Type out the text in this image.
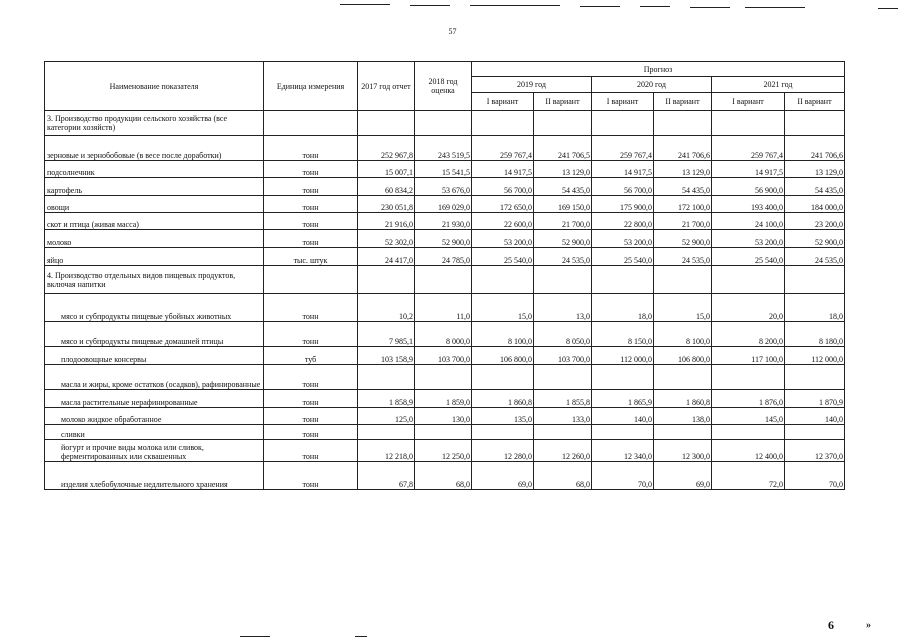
57
Наименование показателя	Единица измерения	2017 год отчет	2018 год оценка	Прогноз					
				2019 год		2020 год		2021 год	
				I вариант	II вариант	I вариант	II вариант	I вариант	II вариант
3. Производство продукции сельского хозяйства (все категории хозяйств)									
зерновые и зернобобовые (в весе после доработки)	тонн	252 967,8	243 519,5	259 767,4	241 706,5	259 767,4	241 706,6	259 767,4	241 706,6
подсолнечник	тонн	15 007,1	15 541,5	14 917,5	13 129,0	14 917,5	13 129,0	14 917,5	13 129,0
картофель	тонн	60 834,2	53 676,0	56 700,0	54 435,0	56 700,0	54 435,0	56 900,0	54 435,0
овощи	тонн	230 051,8	169 029,0	172 650,0	169 150,0	175 900,0	172 100,0	193 400,0	184 000,0
скот и птица (живая масса)	тонн	21 916,0	21 930,0	22 600,0	21 700,0	22 800,0	21 700,0	24 100,0	23 200,0
молоко	тонн	52 302,0	52 900,0	53 200,0	52 900,0	53 200,0	52 900,0	53 200,0	52 900,0
яйцо	тыс. штук	24 417,0	24 785,0	25 540,0	24 535,0	25 540,0	24 535,0	25 540,0	24 535,0
4. Производство отдельных видов пищевых продуктов, включая напитки									
мясо и субпродукты пищевые убойных животных	тонн	10,2	11,0	15,0	13,0	18,0	15,0	20,0	18,0
мясо и субпродукты пищевые домашней птицы	тонн	7 985,1	8 000,0	8 100,0	8 050,0	8 150,0	8 100,0	8 200,0	8 180,0
плодоовощные консервы	туб	103 158,9	103 700,0	106 800,0	103 700,0	112 000,0	106 800,0	117 100,0	112 000,0
масла и жиры, кроме остатков (осадков), рафинированные	тонн								
масла растительные нерафинированные	тонн	1 858,9	1 859,0	1 860,8	1 855,8	1 865,9	1 860,8	1 876,0	1 870,9
молоко жидкое обработанное	тонн	125,0	130,0	135,0	133,0	140,0	138,0	145,0	140,0
сливки	тонн								
йогурт и прочие виды молока или сливок, ферментированных или сквашенных	тонн	12 218,0	12 250,0	12 280,0	12 260,0	12 340,0	12 300,0	12 400,0	12 370,0
изделия хлебобулочные недлительного хранения	тонн	67,8	68,0	69,0	68,0	70,0	69,0	72,0	70,0
6	»
